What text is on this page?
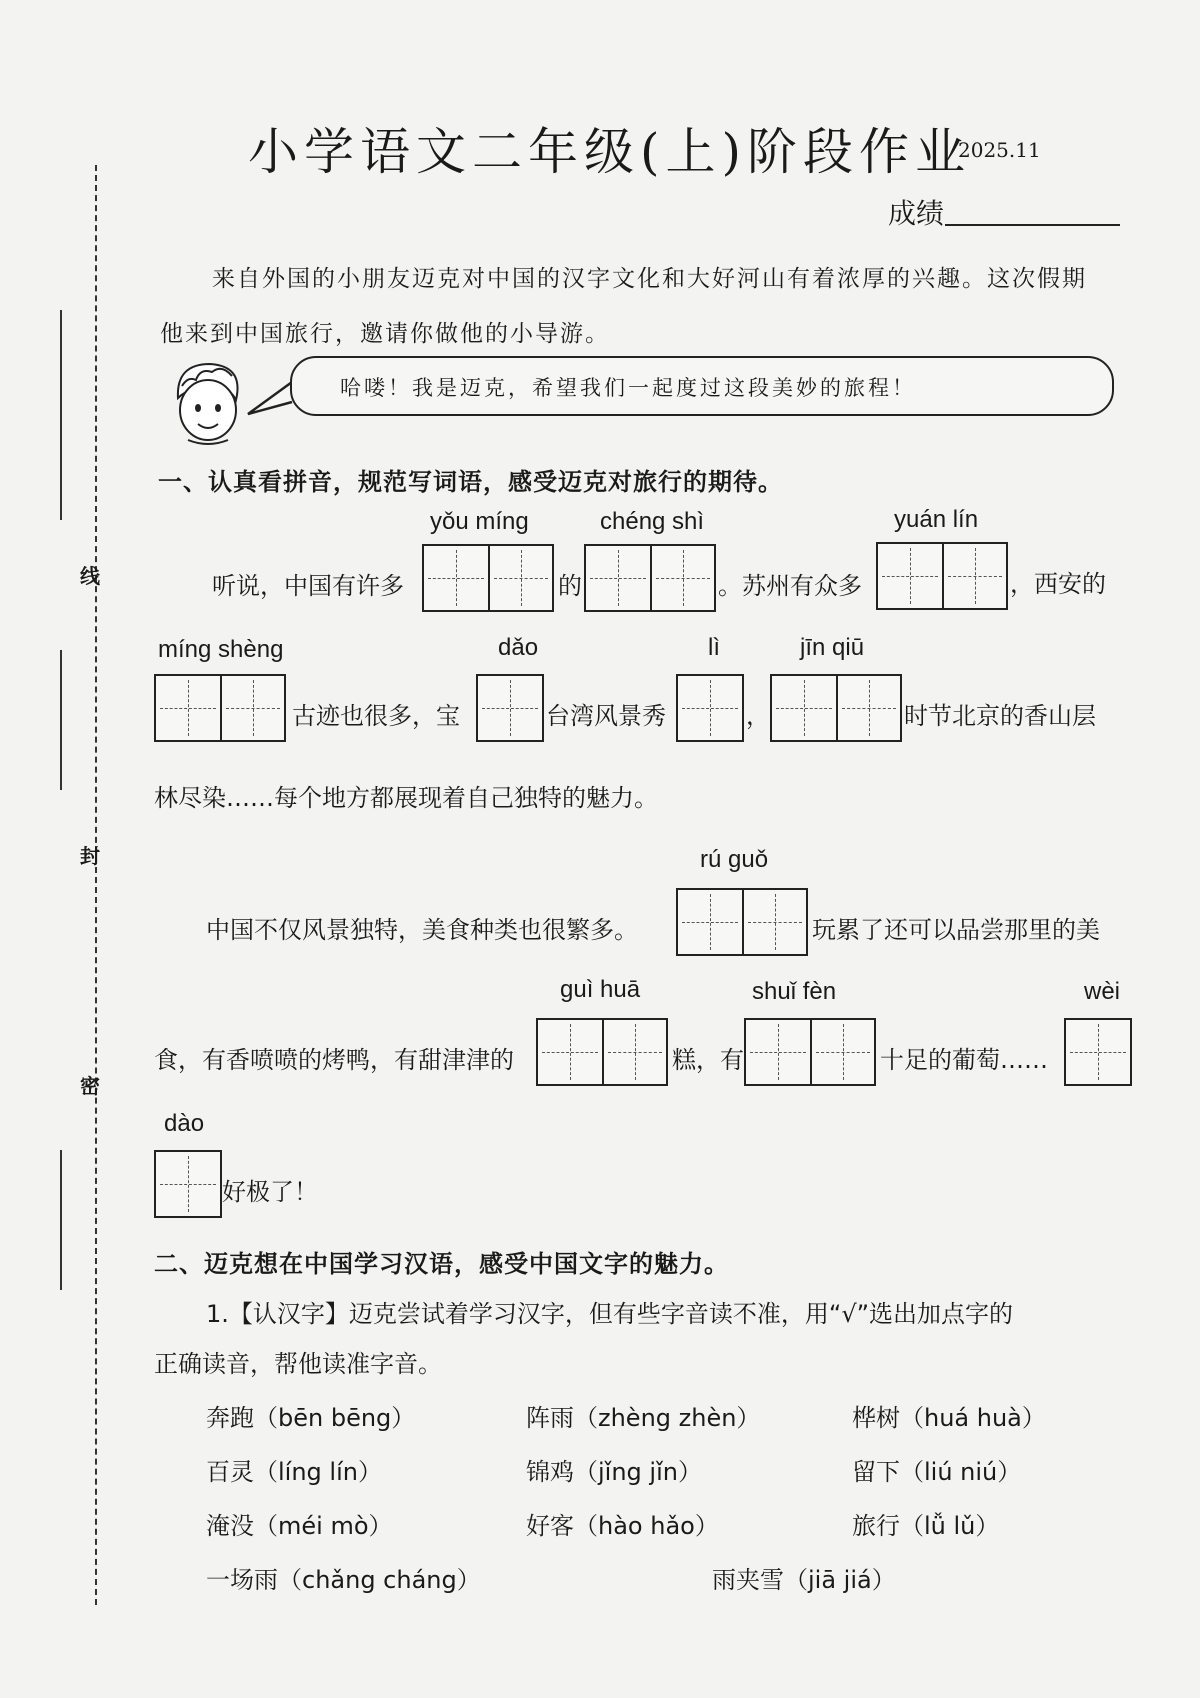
线
封
密
小学语文二年级(上)阶段作业
2025.11
成绩
来自外国的小朋友迈克对中国的汉字文化和大好河山有着浓厚的兴趣。这次假期
他来到中国旅行，邀请你做他的小导游。
哈喽！我是迈克，希望我们一起度过这段美妙的旅程！
一、认真看拼音，规范写词语，感受迈克对旅行的期待。
yǒu míng	chéng shì	yuán lín
听说，中国有许多	的	。苏州有众多	，西安的
míng shèng	dǎo	lì	jīn qiū
古迹也很多，宝	台湾风景秀	，	时节北京的香山层
林尽染……每个地方都展现着自己独特的魅力。
rú guǒ
中国不仅风景独特，美食种类也很繁多。	玩累了还可以品尝那里的美
guì huā	shuǐ fèn	wèi
食，有香喷喷的烤鸭，有甜津津的	糕，有	十足的葡萄……
dào
好极了！
二、迈克想在中国学习汉语，感受中国文字的魅力。
1.【认汉字】迈克尝试着学习汉字，但有些字音读不准，用“√”选出加点字的
正确读音，帮他读准字音。
奔跑（bēn bēng）	阵雨（zhèng zhèn）	桦树（huá huà）
百灵（líng lín）	锦鸡（jǐng jǐn）	留下（liú niú）
淹没（méi mò）	好客（hào hǎo）	旅行（lǚ lǔ）
一场雨（chǎng cháng）	雨夹雪（jiā jiá）
